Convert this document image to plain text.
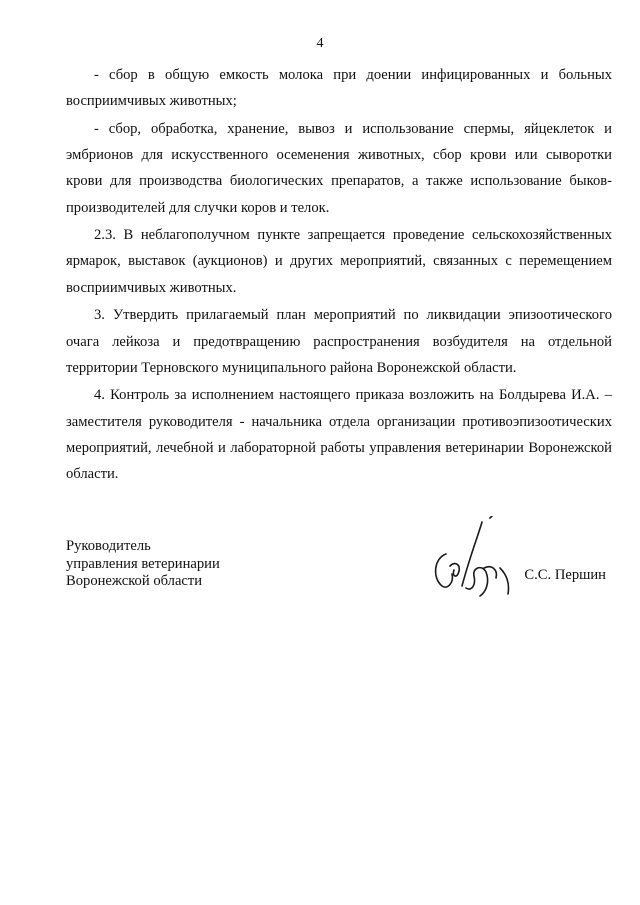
4

- сбор в общую емкость молока при доении инфицированных и больных восприимчивых животных;

- сбор, обработка, хранение, вывоз и использование спермы, яйцеклеток и эмбрионов для искусственного осеменения животных, сбор крови или сыворотки крови для производства биологических препаратов, а также использование быков-производителей для случки коров и телок.

2.3. В неблагополучном пункте запрещается проведение сельскохозяйственных ярмарок, выставок (аукционов) и других мероприятий, связанных с перемещением восприимчивых животных.

3. Утвердить прилагаемый план мероприятий по ликвидации эпизоотического очага лейкоза и предотвращению распространения возбудителя на отдельной территории Терновского муниципального района Воронежской области.

4. Контроль за исполнением настоящего приказа возложить на Болдырева И.А. – заместителя руководителя - начальника отдела организации противоэпизоотических мероприятий, лечебной и лабораторной работы управления ветеринарии Воронежской области.

Руководитель
управления ветеринарии
Воронежской области	С.С. Першин
